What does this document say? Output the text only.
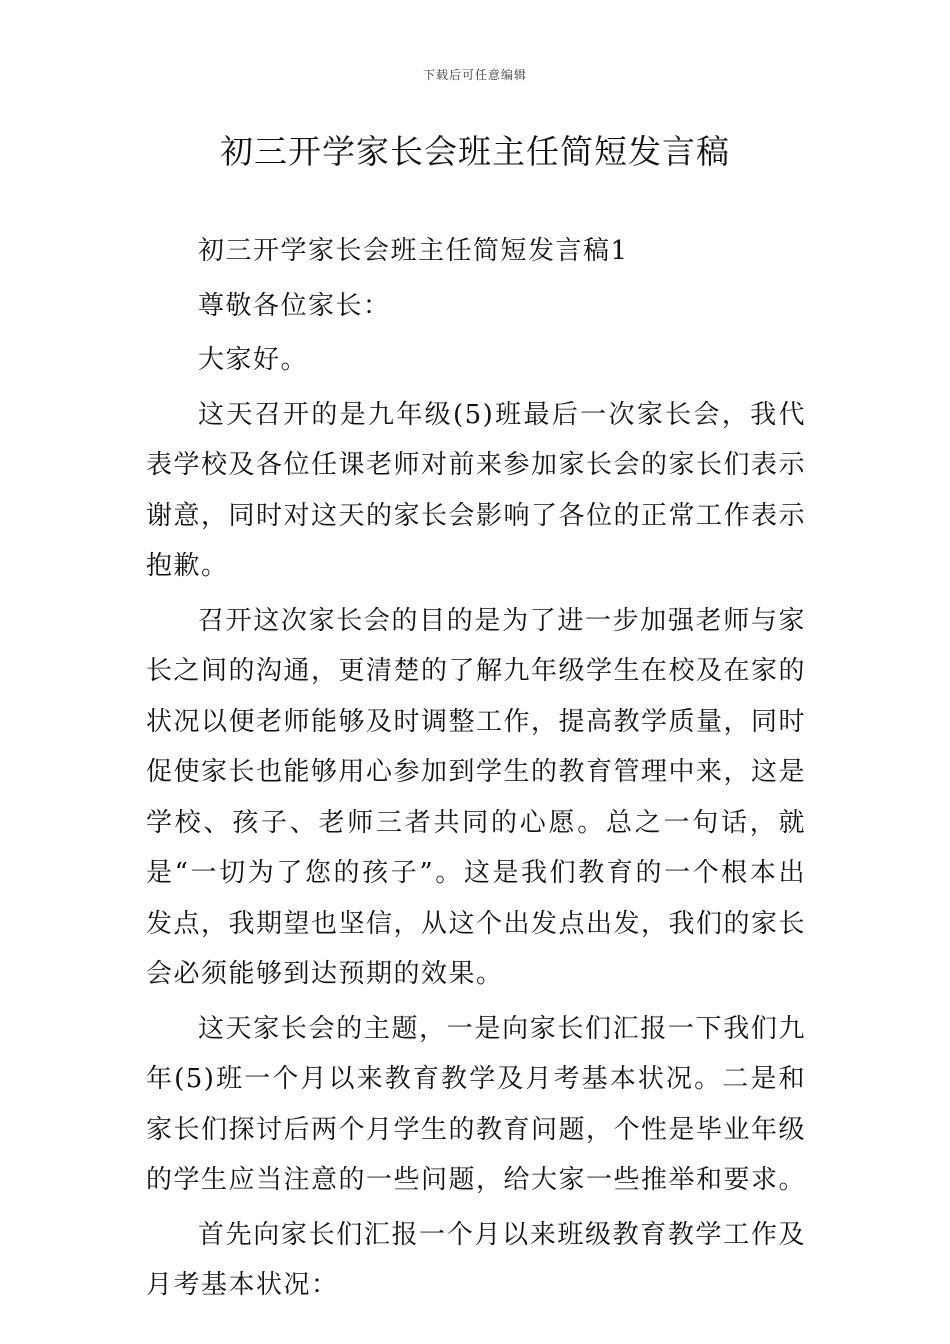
下载后可任意编辑
初三开学家长会班主任简短发言稿

初三开学家长会班主任简短发言稿1

尊敬各位家长：

大家好。

这天召开的是九年级(5)班最后一次家长会，我代表学校及各位任课老师对前来参加家长会的家长们表示谢意，同时对这天的家长会影响了各位的正常工作表示抱歉。

召开这次家长会的目的是为了进一步加强老师与家长之间的沟通，更清楚的了解九年级学生在校及在家的状况以便老师能够及时调整工作，提高教学质量，同时促使家长也能够用心参加到学生的教育管理中来，这是学校、孩子、老师三者共同的心愿。总之一句话，就是“一切为了您的孩子”。这是我们教育的一个根本出发点，我期望也坚信，从这个出发点出发，我们的家长会必须能够到达预期的效果。

这天家长会的主题，一是向家长们汇报一下我们九年(5)班一个月以来教育教学及月考基本状况。二是和家长们探讨后两个月学生的教育问题，个性是毕业年级的学生应当注意的一些问题，给大家一些推举和要求。

首先向家长们汇报一个月以来班级教育教学工作及月考基本状况：
